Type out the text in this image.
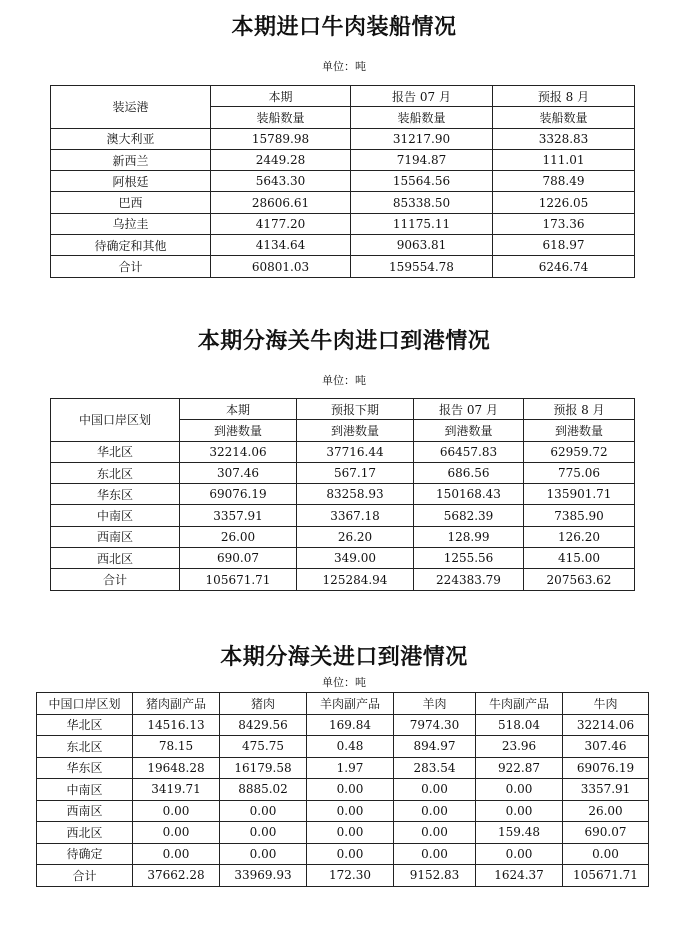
本期进口牛肉装船情况
单位：吨
装运港	本期	报告 07 月	预报 8 月
	装船数量	装船数量	装船数量
澳大利亚	15789.98	31217.90	3328.83
新西兰	2449.28	7194.87	111.01
阿根廷	5643.30	15564.56	788.49
巴西	28606.61	85338.50	1226.05
乌拉圭	4177.20	11175.11	173.36
待确定和其他	4134.64	9063.81	618.97
合计	60801.03	159554.78	6246.74
本期分海关牛肉进口到港情况
单位：吨
中国口岸区划	本期	预报下期	报告 07 月	预报 8 月
	到港数量	到港数量	到港数量	到港数量
华北区	32214.06	37716.44	66457.83	62959.72
东北区	307.46	567.17	686.56	775.06
华东区	69076.19	83258.93	150168.43	135901.71
中南区	3357.91	3367.18	5682.39	7385.90
西南区	26.00	26.20	128.99	126.20
西北区	690.07	349.00	1255.56	415.00
合计	105671.71	125284.94	224383.79	207563.62
本期分海关进口到港情况
单位：吨
中国口岸区划	猪肉副产品	猪肉	羊肉副产品	羊肉	牛肉副产品	牛肉
华北区	14516.13	8429.56	169.84	7974.30	518.04	32214.06
东北区	78.15	475.75	0.48	894.97	23.96	307.46
华东区	19648.28	16179.58	1.97	283.54	922.87	69076.19
中南区	3419.71	8885.02	0.00	0.00	0.00	3357.91
西南区	0.00	0.00	0.00	0.00	0.00	26.00
西北区	0.00	0.00	0.00	0.00	159.48	690.07
待确定	0.00	0.00	0.00	0.00	0.00	0.00
合计	37662.28	33969.93	172.30	9152.83	1624.37	105671.71
